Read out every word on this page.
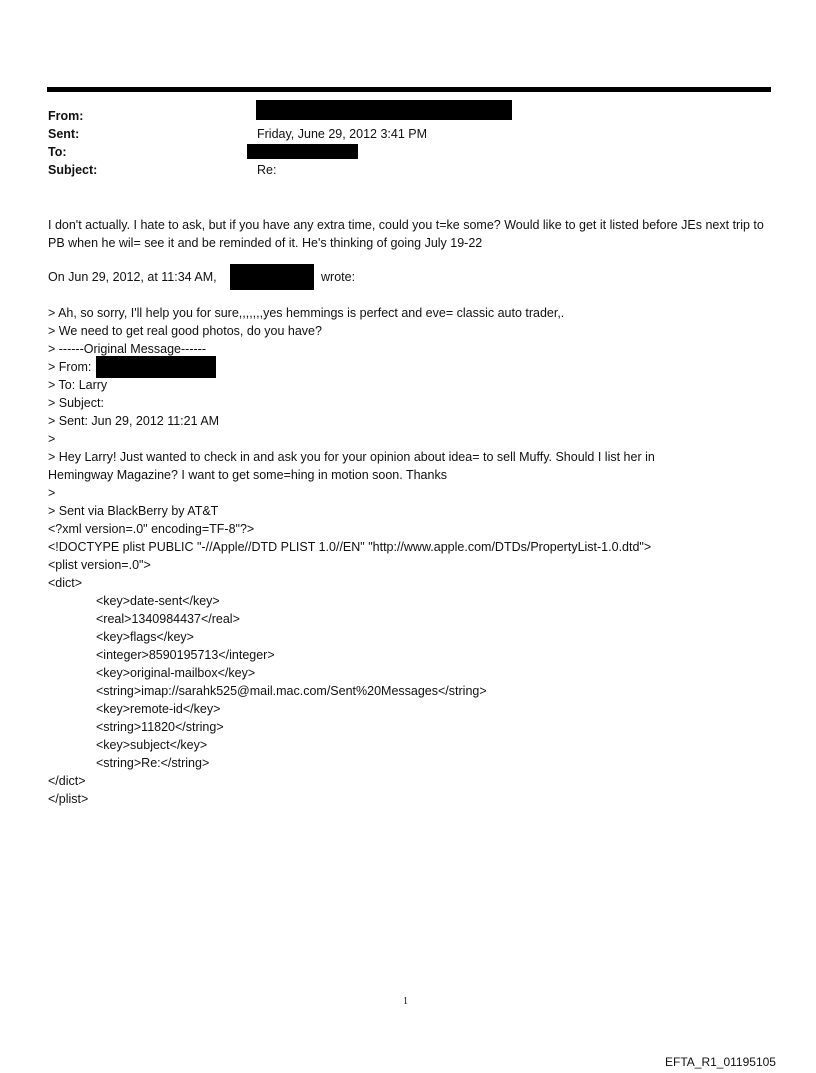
From:
Sent:	Friday, June 29, 2012 3:41 PM
To:
Subject:	Re:
I don't actually. I hate to ask, but if you have any extra time, could you t=ke some? Would like to get it listed before JEs next trip to PB when he wil= see it and be reminded of it. He's thinking of going July 19-22
On Jun 29, 2012, at 11:34 AM,	wrote:
> Ah, so sorry, I'll help you for sure,,,,,,,yes hemmings is perfect and eve= classic auto trader,.
> We need to get real good photos, do you have?
> ------Original Message------
> From:
> To: Larry
> Subject:
> Sent: Jun 29, 2012 11:21 AM
>
> Hey Larry! Just wanted to check in and ask you for your opinion about idea= to sell Muffy. Should I list her in
Hemingway Magazine? I want to get some=hing in motion soon. Thanks
>
> Sent via BlackBerry by AT&T
<?xml version=.0" encoding=TF-8"?>
<!DOCTYPE plist PUBLIC "-//Apple//DTD PLIST 1.0//EN" "http://www.apple.com/DTDs/PropertyList-1.0.dtd">
<plist version=.0">
<dict>
<key>date-sent</key>
<real>1340984437</real>
<key>flags</key>
<integer>8590195713</integer>
<key>original-mailbox</key>
<string>imap://sarahk525@mail.mac.com/Sent%20Messages</string>
<key>remote-id</key>
<string>11820</string>
<key>subject</key>
<string>Re:</string>
</dict>
</plist>
1
EFTA_R1_01195105
